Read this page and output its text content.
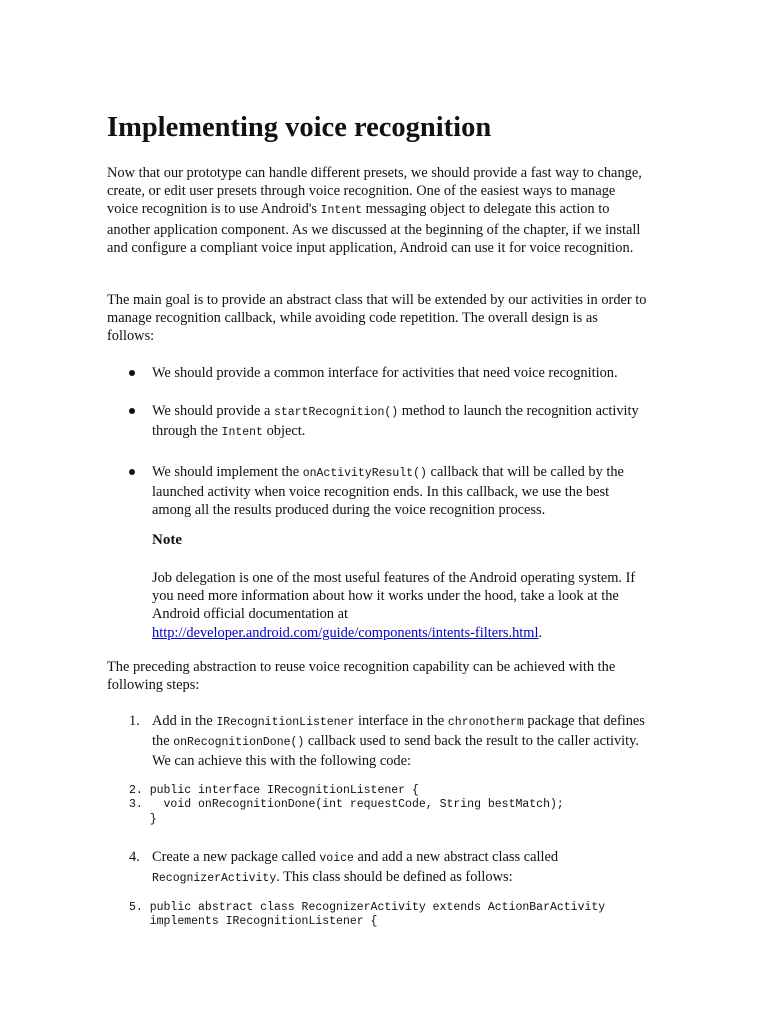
Implementing voice recognition

Now that our prototype can handle different presets, we should provide a fast way to change, create, or edit user presets through voice recognition. One of the easiest ways to manage voice recognition is to use Android's Intent messaging object to delegate this action to another application component. As we discussed at the beginning of the chapter, if we install and configure a compliant voice input application, Android can use it for voice recognition.

The main goal is to provide an abstract class that will be extended by our activities in order to manage recognition callback, while avoiding code repetition. The overall design is as follows:

We should provide a common interface for activities that need voice recognition.
We should provide a startRecognition() method to launch the recognition activity through the Intent object.
We should implement the onActivityResult() callback that will be called by the launched activity when voice recognition ends. In this callback, we use the best among all the results produced during the voice recognition process.

Note

Job delegation is one of the most useful features of the Android operating system. If you need more information about how it works under the hood, take a look at the Android official documentation at http://developer.android.com/guide/components/intents-filters.html.

The preceding abstraction to reuse voice recognition capability can be achieved with the following steps:

1. Add in the IRecognitionListener interface in the chronotherm package that defines the onRecognitionDone() callback used to send back the result to the caller activity. We can achieve this with the following code:
2. public interface IRecognitionListener {
3.   void onRecognitionDone(int requestCode, String bestMatch);
}
4. Create a new package called voice and add a new abstract class called RecognizerActivity. This class should be defined as follows:
5. public abstract class RecognizerActivity extends ActionBarActivity
implements IRecognitionListener {
